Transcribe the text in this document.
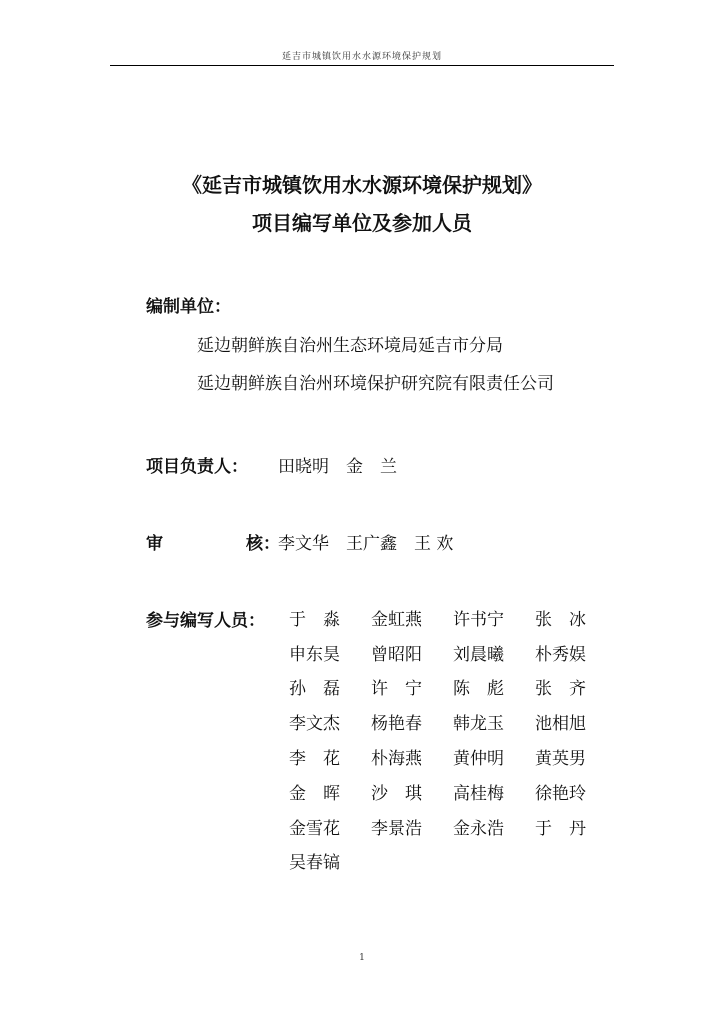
延吉市城镇饮用水水源环境保护规划
《延吉市城镇饮用水水源环境保护规划》
项目编写单位及参加人员
编制单位：
延边朝鲜族自治州生态环境局延吉市分局
延边朝鲜族自治州环境保护研究院有限责任公司
项目负责人： 田晓明　金　兰
审	核：
李文华　王广鑫　王 欢
参与编写人员： 于　淼	金虹燕	许书宁	张　冰
申东昊	曾昭阳	刘晨曦	朴秀娱
孙　磊	许　宁	陈　彪	张　齐
李文杰	杨艳春	韩龙玉	池相旭
李　花	朴海燕	黄仲明	黄英男
金　晖	沙　琪	高桂梅	徐艳玲
金雪花	李景浩	金永浩	于　丹
吴春镐
1
